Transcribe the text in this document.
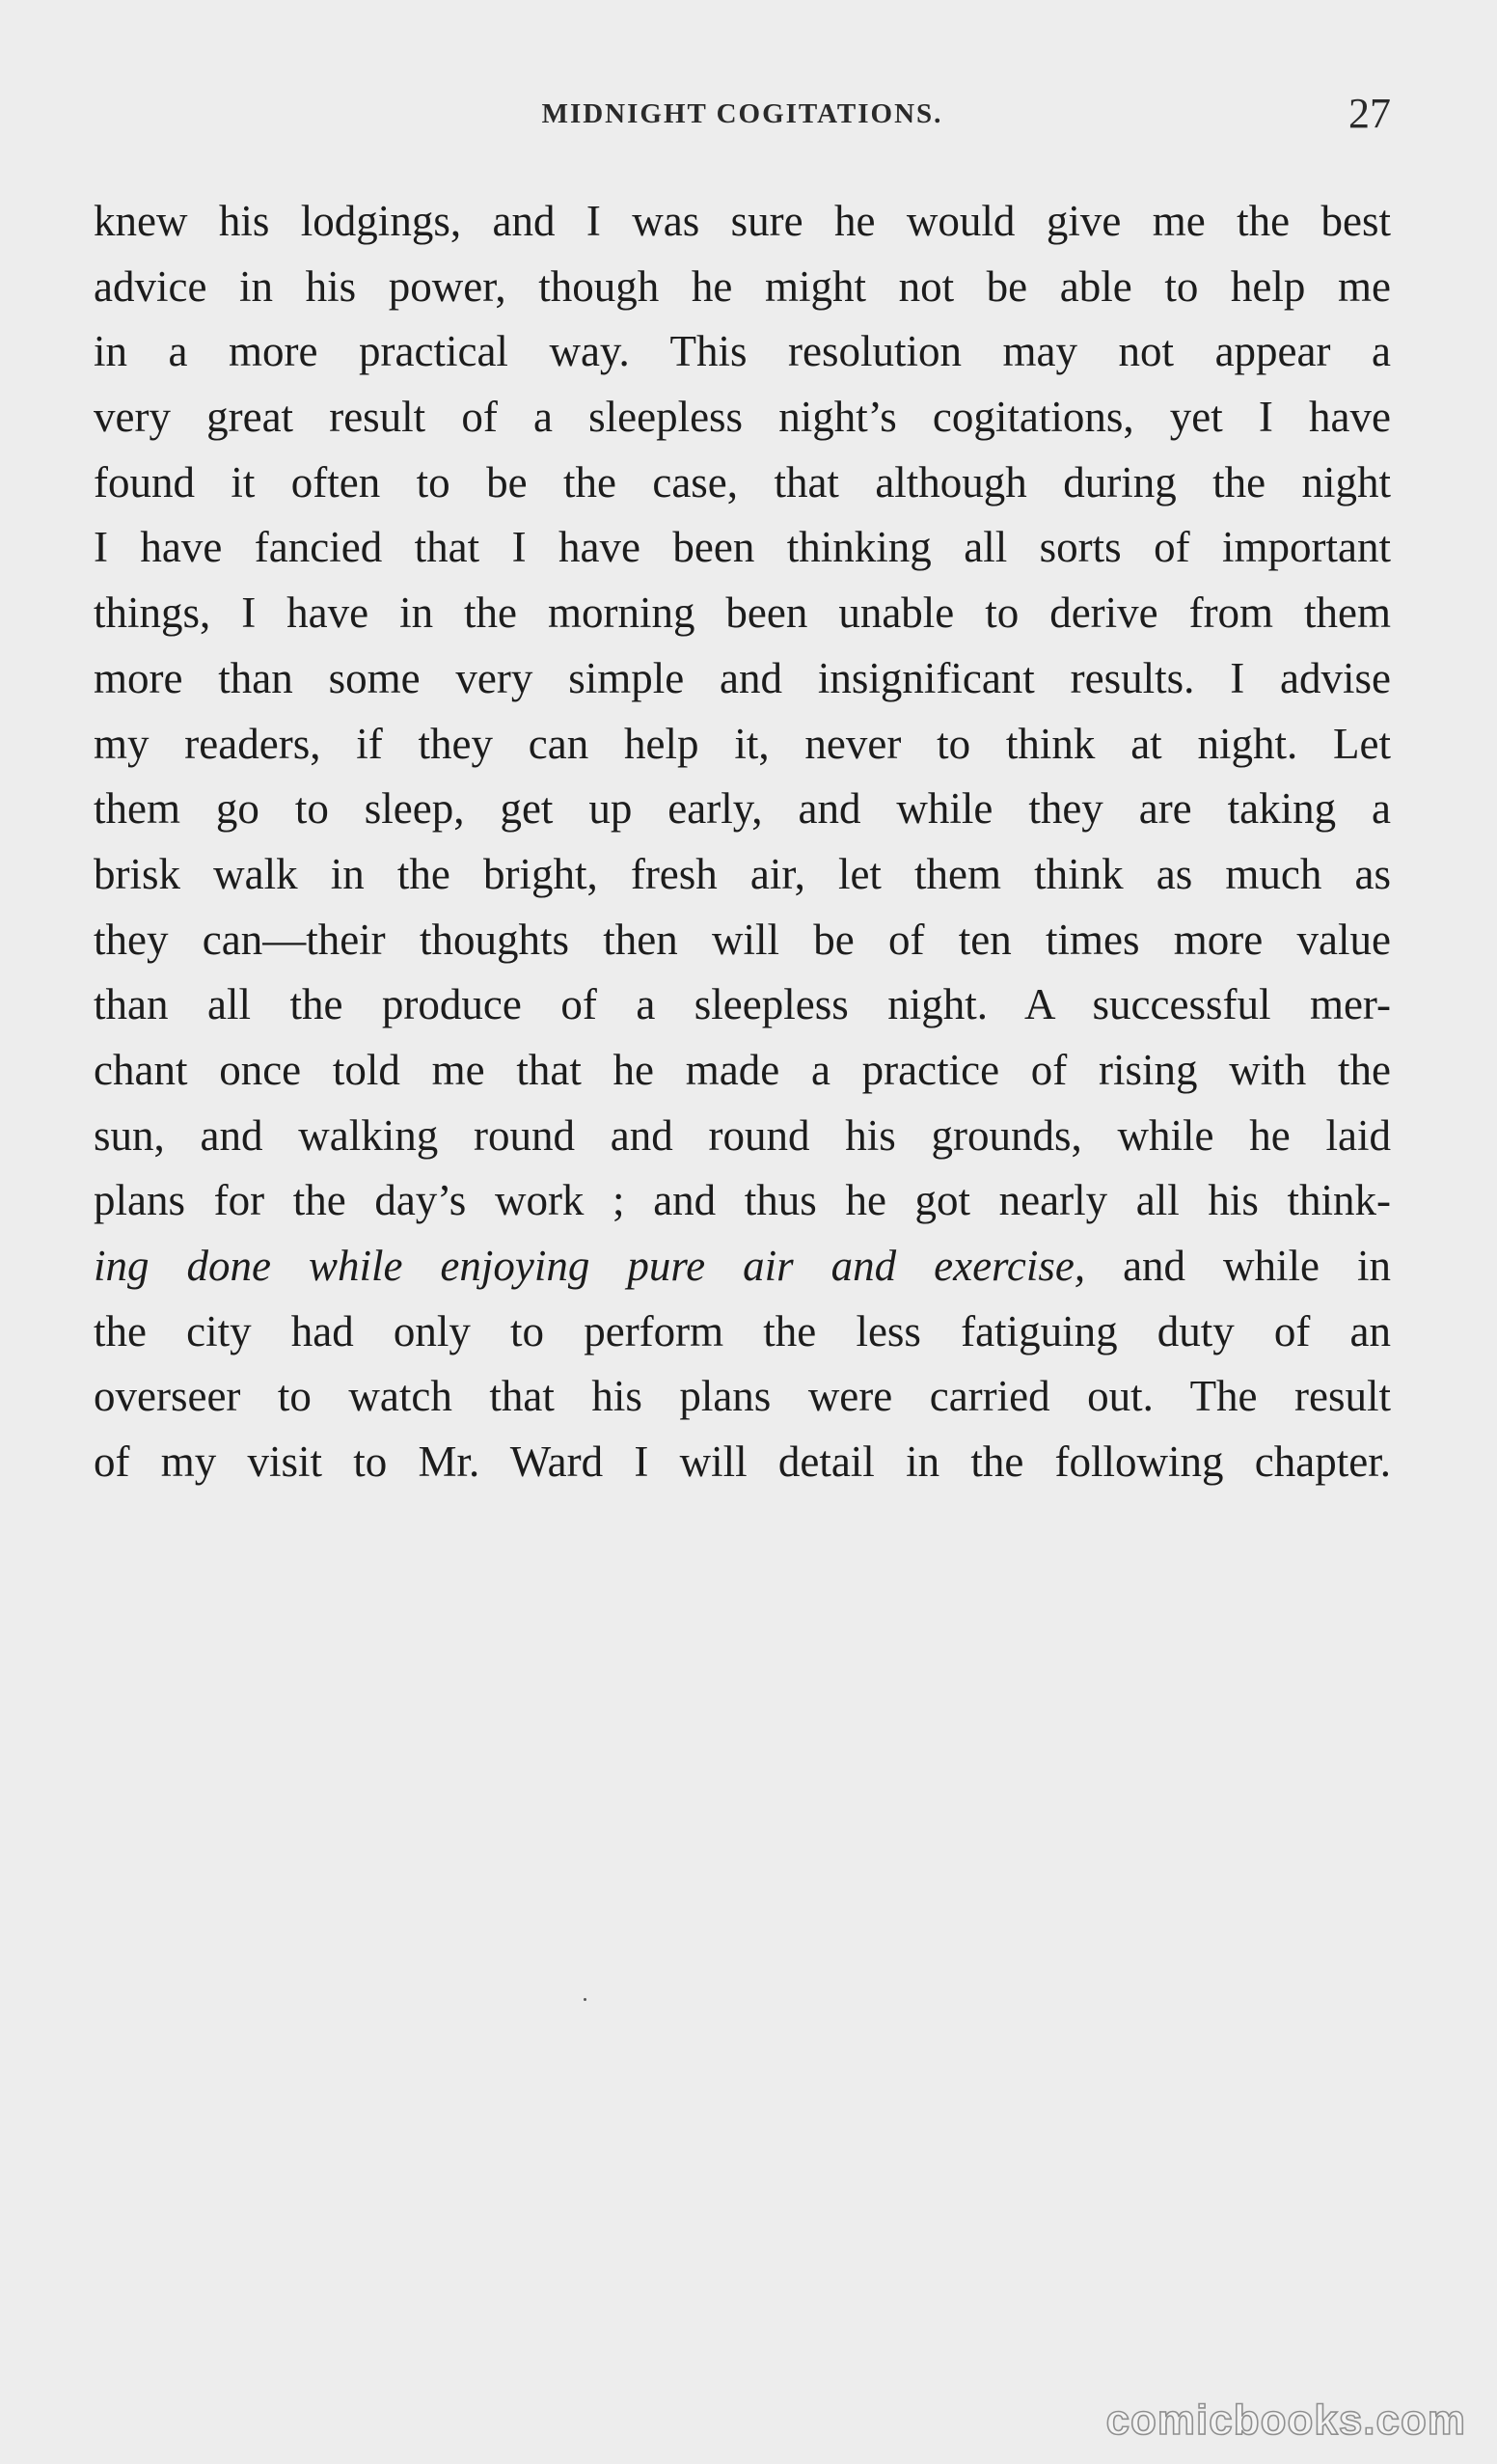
MIDNIGHT COGITATIONS.	27
knew his lodgings, and I was sure he would give me the best
advice in his power, though he might not be able to help me
in a more practical way. This resolution may not appear a
very great result of a sleepless night’s cogitations, yet I have
found it often to be the case, that although during the night
I have fancied that I have been thinking all sorts of important
things, I have in the morning been unable to derive from them
more than some very simple and insignificant results. I advise
my readers, if they can help it, never to think at night. Let
them go to sleep, get up early, and while they are taking a
brisk walk in the bright, fresh air, let them think as much as
they can—their thoughts then will be of ten times more value
than all the produce of a sleepless night. A successful mer-
chant once told me that he made a practice of rising with the
sun, and walking round and round his grounds, while he laid
plans for the day’s work ; and thus he got nearly all his think-
ing done while enjoying pure air and exercise, and while in
the city had only to perform the less fatiguing duty of an
overseer to watch that his plans were carried out. The result
of my visit to Mr. Ward I will detail in the following chapter.
comicbooks.com
